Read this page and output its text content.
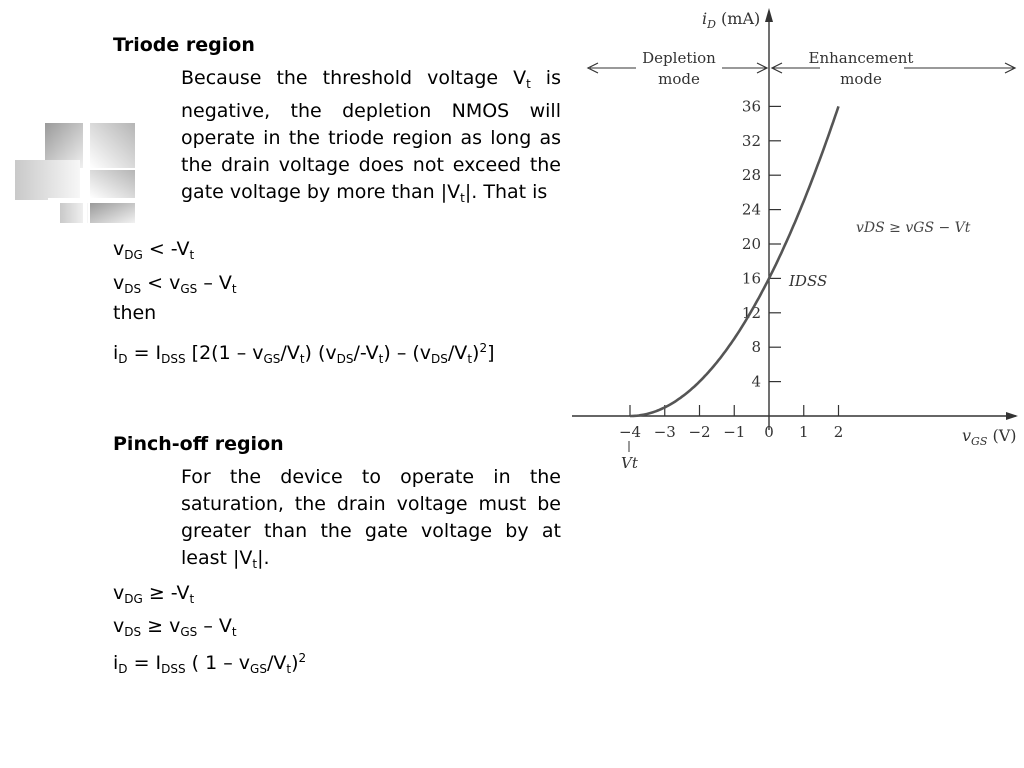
Triode region
Because the threshold voltage $V_t$ is negative, the depletion NMOS will operate in the triode region as long as the drain voltage does not exceed the gate voltage by more than $|V_t|$. That is
$v_{DG} < -V_t$
$v_{DS} < v_{GS} - V_t$
then
$i_D = I_{DSS}$ [$2(1 - v_{GS}/V_t)$ $(v_{DS}/-V_t) - (v_{DS}/V_t)^2$]
Pinch-off region
For the device to operate in the saturation, the drain voltage must be greater than the gate voltage by at least $|V_t|$.
$v_{DG} \ge -V_t$
$v_{DS} \ge v_{GS} - V_t$
$i_D = I_{DSS}$ ( $1 - v_{GS}/V_t)^2$
Depletion
mode
Enhancement
mode
$i_D$ (mA)
$v_{GS}$ (V)
vDS ≥ vGS − Vt
IDSS
Vt
−4 −3 −2 −1 0 1 2
4
8
12
16
20
24
28
32
36
